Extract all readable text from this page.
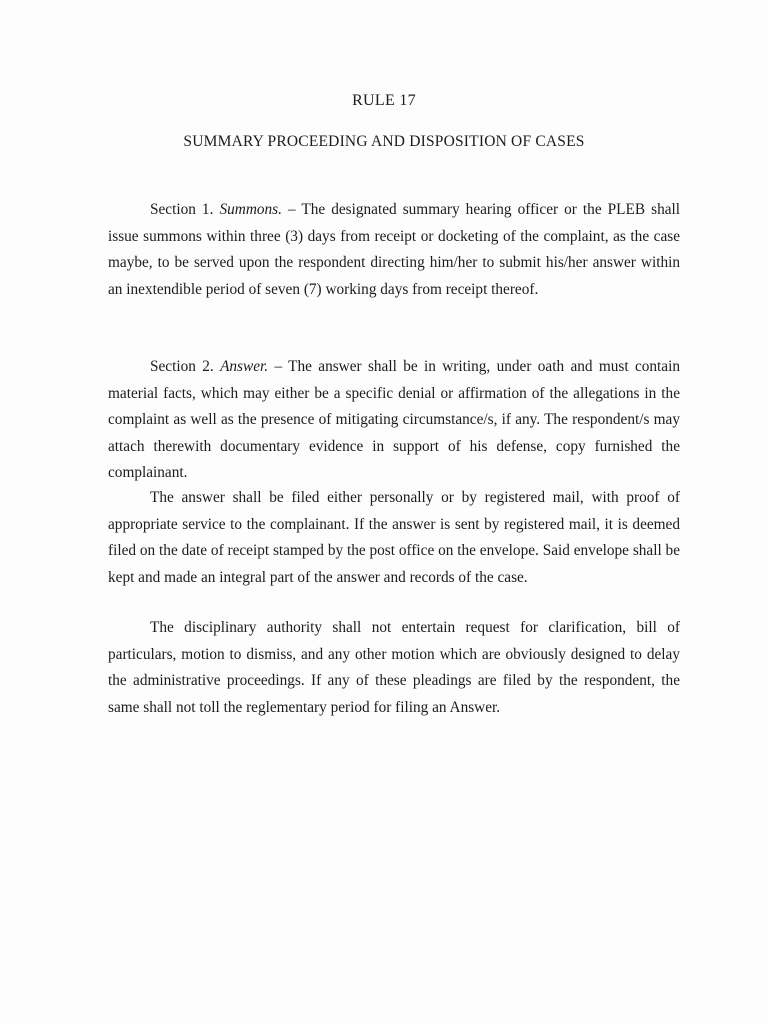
RULE 17
SUMMARY PROCEEDING AND DISPOSITION OF CASES

Section 1. Summons. – The designated summary hearing officer or the PLEB shall issue summons within three (3) days from receipt or docketing of the complaint, as the case maybe, to be served upon the respondent directing him/her to submit his/her answer within an inextendible period of seven (7) working days from receipt thereof.

Section 2. Answer. – The answer shall be in writing, under oath and must contain material facts, which may either be a specific denial or affirmation of the allegations in the complaint as well as the presence of mitigating circumstance/s, if any. The respondent/s may attach therewith documentary evidence in support of his defense, copy furnished the complainant.

The answer shall be filed either personally or by registered mail, with proof of appropriate service to the complainant. If the answer is sent by registered mail, it is deemed filed on the date of receipt stamped by the post office on the envelope. Said envelope shall be kept and made an integral part of the answer and records of the case.

The disciplinary authority shall not entertain request for clarification, bill of particulars, motion to dismiss, and any other motion which are obviously designed to delay the administrative proceedings. If any of these pleadings are filed by the respondent, the same shall not toll the reglementary period for filing an Answer.
